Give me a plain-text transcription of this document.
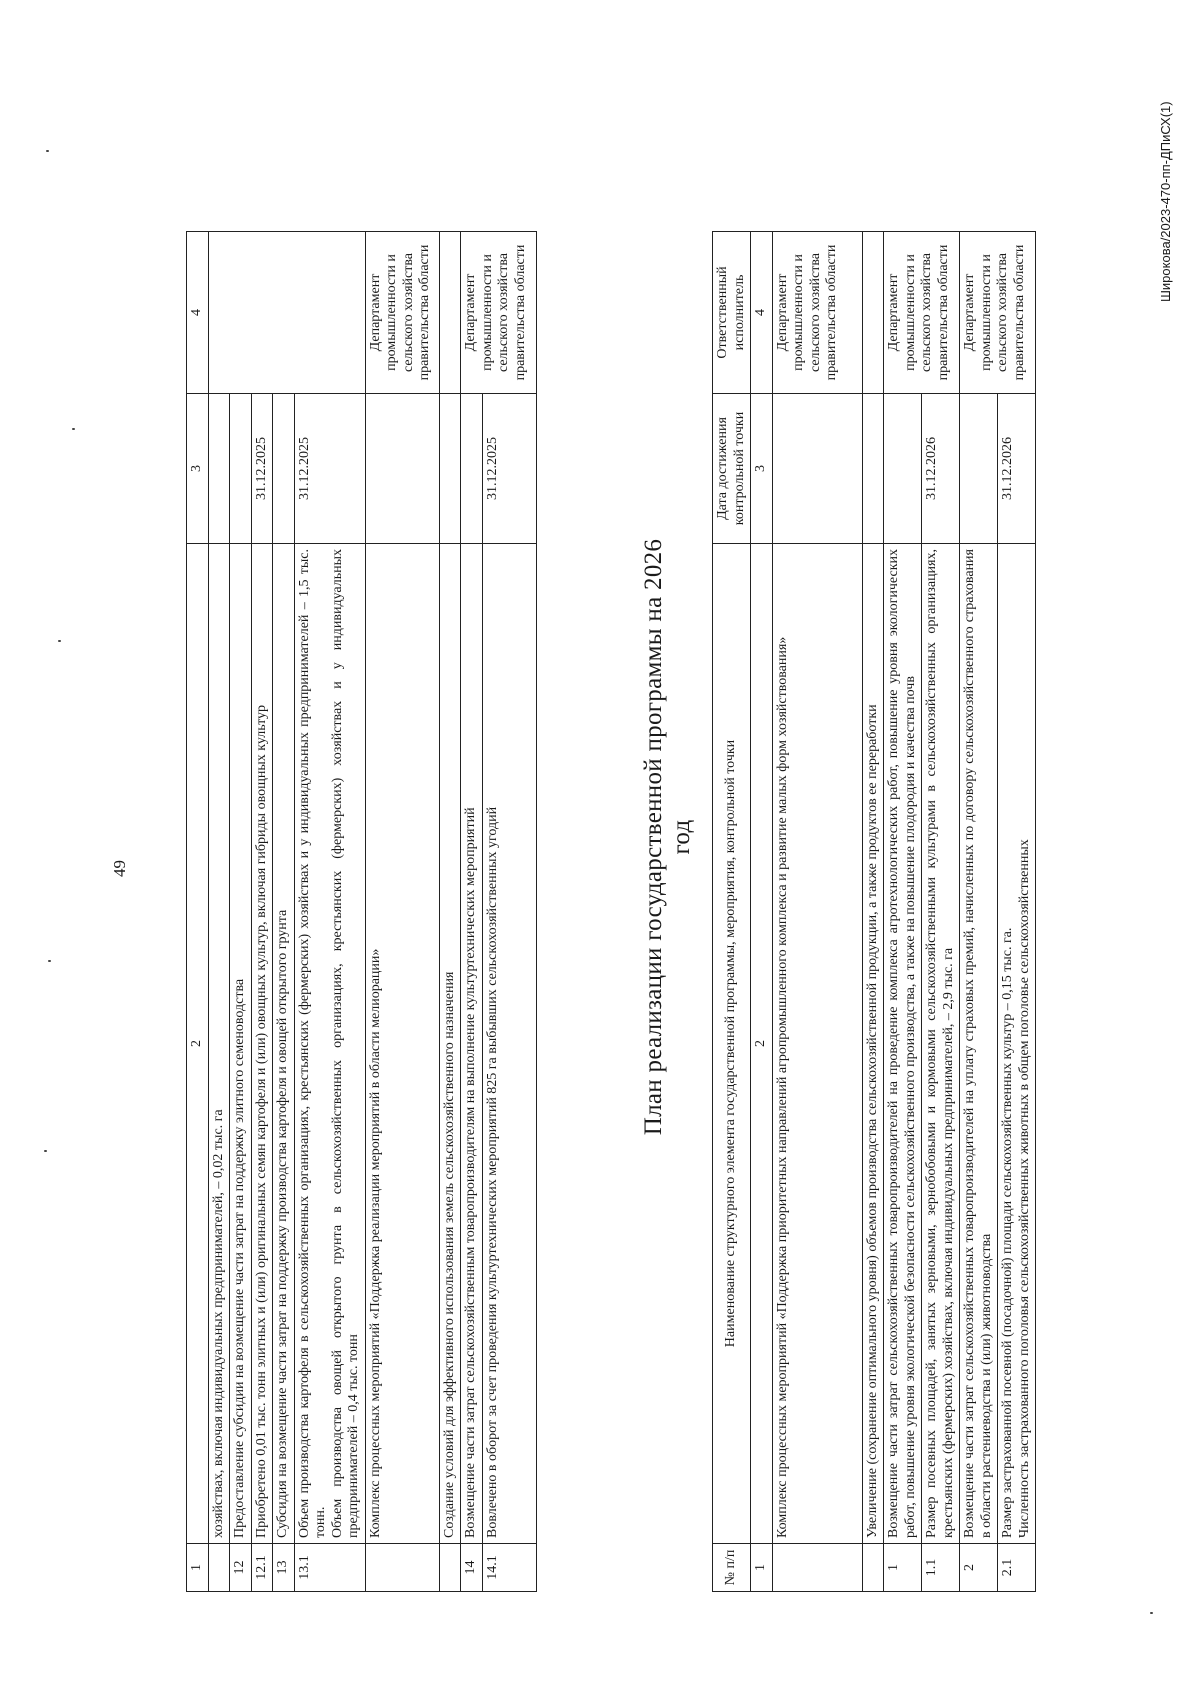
49
1	2	3	4
	хозяйствах, включая индивидуальных предпринимателей, – 0,02 тыс. га		
12	Предоставление субсидии на возмещение части затрат на поддержку элитного семеноводства		
12.1	Приобретено 0,01 тыс. тонн элитных и (или) оригинальных семян картофеля и (или) овощных культур, включая гибриды овощных культур	31.12.2025	
13	Субсидия на возмещение части затрат на поддержку производства картофеля и овощей открытого грунта		
13.1	Объем производства картофеля в сельскохозяйственных организациях, крестьянских (фермерских) хозяйствах и у индивидуальных предпринимателей – 1,5 тыс. тонн. Объем производства овощей открытого грунта в сельскохозяйственных организациях, крестьянских (фермерских) хозяйствах и у индивидуальных предпринимателей – 0,4 тыс. тонн	31.12.2025	
	Комплекс процессных мероприятий «Поддержка реализации мероприятий в области мелиорации»		Департамент промышленности и сельского хозяйства правительства области
	Создание условий для эффективного использования земель сельскохозяйственного назначения		
14	Возмещение части затрат сельскохозяйственным товаропроизводителям на выполнение культуртехнических мероприятий		Департамент промышленности и сельского хозяйства правительства области
14.1	Вовлечено в оборот за счет проведения культуртехнических мероприятий 825 га выбывших сельскохозяйственных угодий	31.12.2025	
План реализации государственной программы на 2026 год
№ п/п	Наименование структурного элемента государственной программы, мероприятия, контрольной точки	Дата достижения контрольной точки	Ответственный исполнитель
1	2	3	4
	Комплекс процессных мероприятий «Поддержка приоритетных направлений агропромышленного комплекса и развитие малых форм хозяйствования»		Департамент промышленности и сельского хозяйства правительства области
	Увеличение (сохранение оптимального уровня) объемов производства сельскохозяйственной продукции, а также продуктов ее переработки		
1	Возмещение части затрат сельскохозяйственных товаропроизводителей на проведение комплекса агротехнологических работ, повышение уровня экологических работ, повышение уровня экологической безопасности сельскохозяйственного производства, а также на повышение плодородия и качества почв		Департамент промышленности и сельского хозяйства правительства области
1.1	Размер посевных площадей, занятых зерновыми, зернобобовыми и кормовыми сельскохозяйственными культурами в сельскохозяйственных организациях, крестьянских (фермерских) хозяйствах, включая индивидуальных предпринимателей, – 2,9 тыс. га	31.12.2026	
2	Возмещение части затрат сельскохозяйственных товаропроизводителей на уплату страховых премий, начисленных по договору сельскохозяйственного страхования в области растениеводства и (или) животноводства		Департамент промышленности и сельского хозяйства правительства области
2.1	Размер застрахованной посевной (посадочной) площади сельскохозяйственных культур – 0,15 тыс. га. Численность застрахованного поголовья сельскохозяйственных животных в общем поголовье сельскохозяйственных	31.12.2026	
Широкова/2023-470-пп-ДПиСХ(1)
